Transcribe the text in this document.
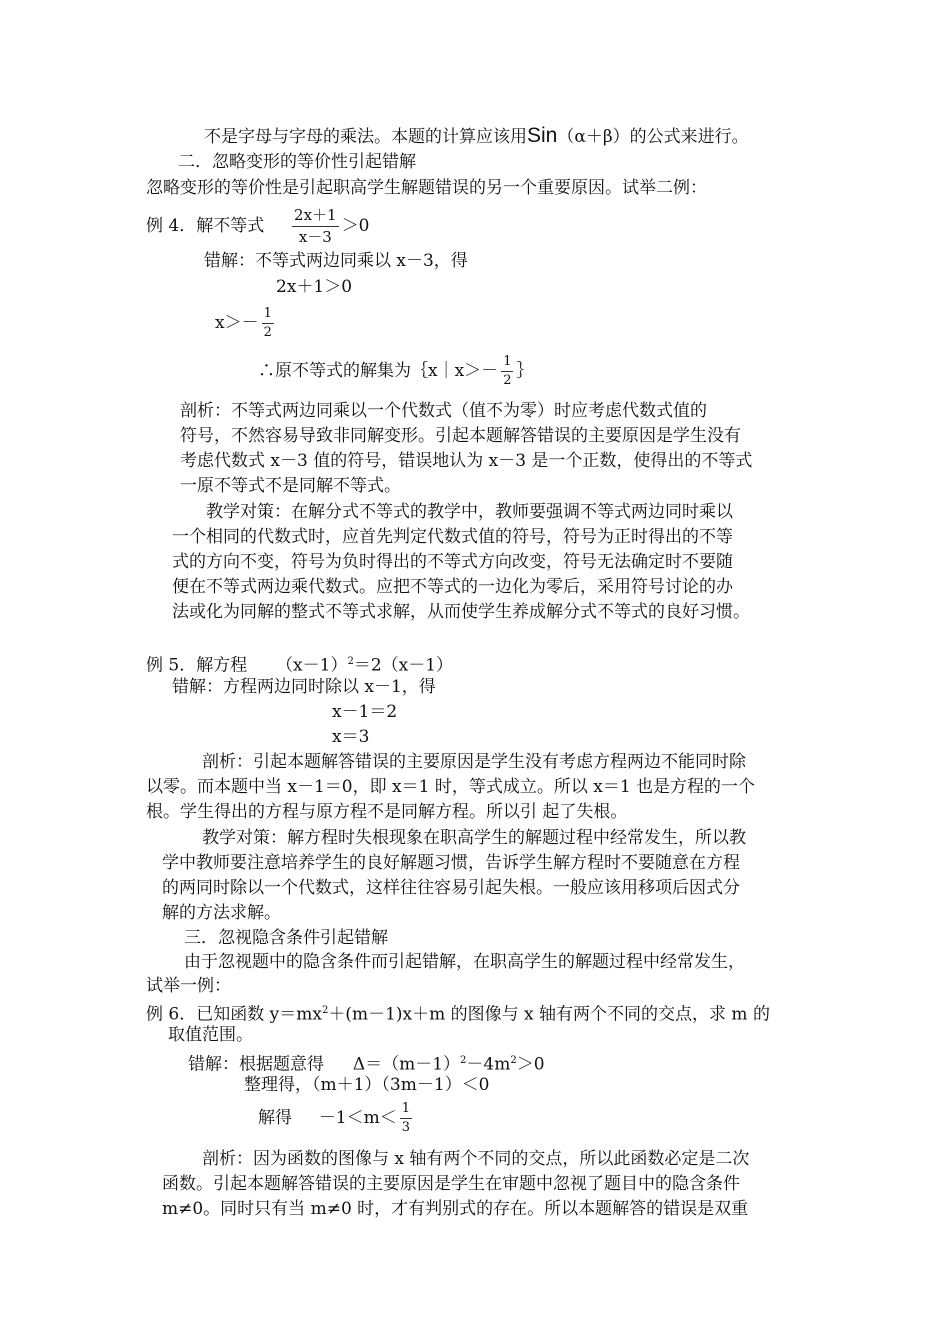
不是字母与字母的乘法。本题的计算应该用Sin（α＋β）的公式来进行。
二．忽略变形的等价性引起错解
忽略变形的等价性是引起职高学生解题错误的另一个重要原因。试举二例：
例 4．解不等式 $\frac{2x+1}{x-3} >0$
错解：不等式两边同乘以 x－3，得
2x＋1＞0
$x>- \frac{1}{2}$
∴原不等式的解集为｛x｜x＞－ $\frac{1}{2}$ ｝
剖析：不等式两边同乘以一个代数式（值不为零）时应考虑代数式值的
符号，不然容易导致非同解变形。引起本题解答错误的主要原因是学生没有
考虑代数式 x－3 值的符号，错误地认为 x－3 是一个正数，使得出的不等式
一原不等式不是同解不等式。
教学对策：在解分式不等式的教学中，教师要强调不等式两边同时乘以
一个相同的代数式时，应首先判定代数式值的符号，符号为正时得出的不等
式的方向不变，符号为负时得出的不等式方向改变，符号无法确定时不要随
便在不等式两边乘代数式。应把不等式的一边化为零后，采用符号讨论的办
法或化为同解的整式不等式求解，从而使学生养成解分式不等式的良好习惯。
例 5．解方程 $(x-1)^2=2(x-1)$
错解：方程两边同时除以 x－1，得
x－1＝2
x＝3
剖析：引起本题解答错误的主要原因是学生没有考虑方程两边不能同时除
以零。而本题中当 x－1＝0，即 x＝1 时，等式成立。所以 x＝1 也是方程的一个
根。学生得出的方程与原方程不是同解方程。所以引 起了失根。
教学对策：解方程时失根现象在职高学生的解题过程中经常发生，所以教
学中教师要注意培养学生的良好解题习惯，告诉学生解方程时不要随意在方程
的两同时除以一个代数式，这样往往容易引起失根。一般应该用移项后因式分
解的方法求解。
三．忽视隐含条件引起错解
由于忽视题中的隐含条件而引起错解，在职高学生的解题过程中经常发生，
试举一例：
例 6．已知函数 $y=mx^2+(m-1)x+m$ 的图像与 x 轴有两个不同的交点，求 m 的
取值范围。
错解：根据题意得 $\Delta=(m-1)^2-4m^2>0$
整理得，（m＋1）（3m－1）＜0
解得 $-1<m< \frac{1}{3}$
剖析：因为函数的图像与 x 轴有两个不同的交点，所以此函数必定是二次
函数。引起本题解答错误的主要原因是学生在审题中忽视了题目中的隐含条件
m≠0。同时只有当 m≠0 时，才有判别式的存在。所以本题解答的错误是双重
